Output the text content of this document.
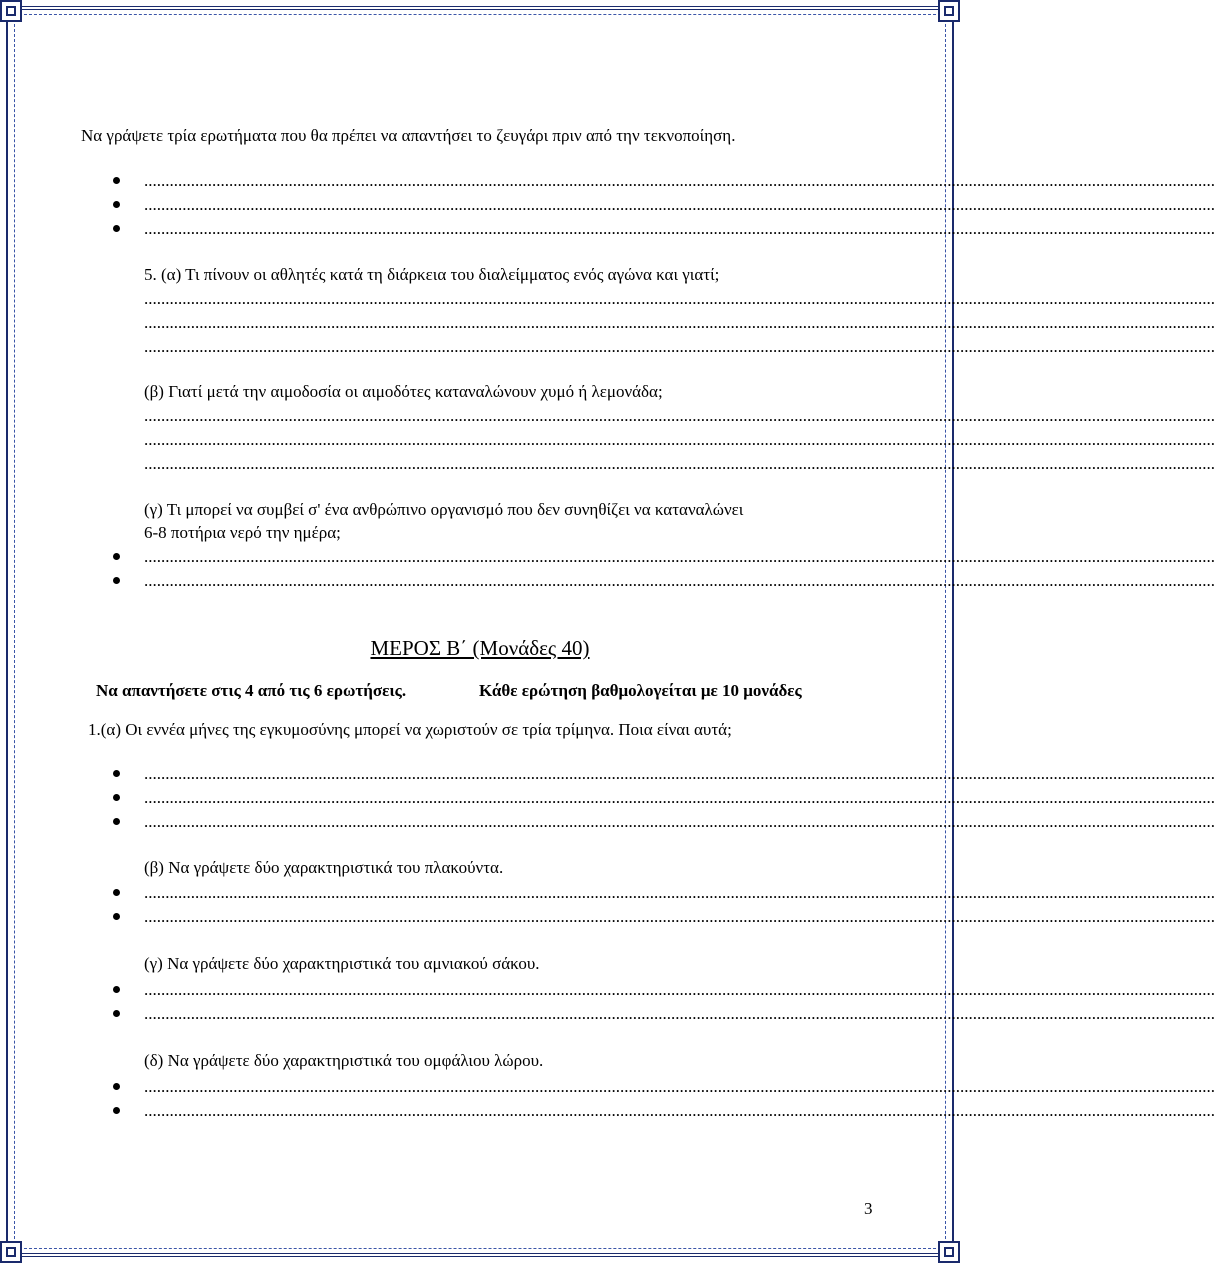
Να γράψετε τρία ερωτήματα που θα πρέπει να απαντήσει το ζευγάρι πριν από την τεκνοποίηση.
............................................................................................................................................................................................................................................................
............................................................................................................................................................................................................................................................
............................................................................................................................................................................................................................................................
5. (α) Τι πίνουν οι αθλητές κατά τη διάρκεια του διαλείμματος ενός αγώνα και γιατί;
............................................................................................................................................................................................................................................................
............................................................................................................................................................................................................................................................
............................................................................................................................................................................................................................................................
(β) Γιατί μετά την αιμοδοσία οι αιμοδότες καταναλώνουν χυμό ή λεμονάδα;
............................................................................................................................................................................................................................................................
............................................................................................................................................................................................................................................................
............................................................................................................................................................................................................................................................
(γ) Τι μπορεί να συμβεί σ' ένα ανθρώπινο οργανισμό που δεν συνηθίζει να καταναλώνει
6-8 ποτήρια νερό την ημέρα;
............................................................................................................................................................................................................................................................
............................................................................................................................................................................................................................................................
ΜΕΡΟΣ Β΄ (Μονάδες 40)
Να απαντήσετε στις 4 από τις 6 ερωτήσεις.	Κάθε ερώτηση βαθμολογείται με 10 μονάδες
1.(α) Οι εννέα μήνες της εγκυμοσύνης μπορεί να χωριστούν σε τρία τρίμηνα. Ποια είναι αυτά;
............................................................................................................................................................................................................................................................
............................................................................................................................................................................................................................................................
............................................................................................................................................................................................................................................................
(β) Να γράψετε δύο χαρακτηριστικά του πλακούντα.
............................................................................................................................................................................................................................................................
............................................................................................................................................................................................................................................................
(γ) Να γράψετε δύο χαρακτηριστικά του αμνιακού σάκου.
............................................................................................................................................................................................................................................................
............................................................................................................................................................................................................................................................
(δ) Να γράψετε δύο χαρακτηριστικά του ομφάλιου λώρου.
............................................................................................................................................................................................................................................................
............................................................................................................................................................................................................................................................
3
